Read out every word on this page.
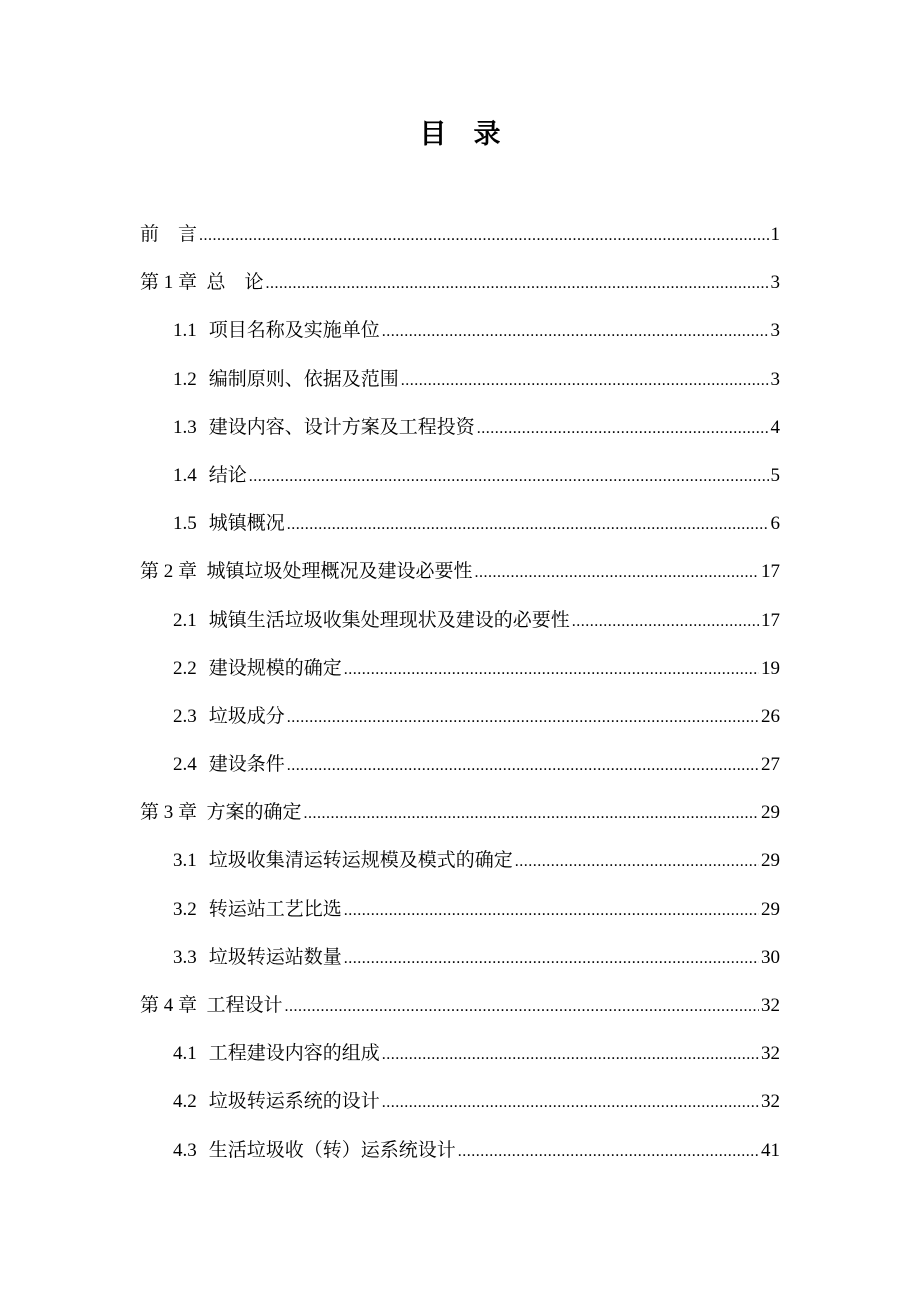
目    录
前    言 .....	1
第 1 章  总    论 .....	3
1.1 项目名称及实施单位 .....	3
1.2 编制原则、依据及范围 .....	3
1.3 建设内容、设计方案及工程投资 .....	4
1.4 结论 .....	5
1.5 城镇概况 .....	6
第 2 章  城镇垃圾处理概况及建设必要性 .....	17
2.1 城镇生活垃圾收集处理现状及建设的必要性 .....	17
2.2 建设规模的确定 .....	19
2.3 垃圾成分 .....	26
2.4 建设条件 .....	27
第 3 章  方案的确定 .....	29
3.1 垃圾收集清运转运规模及模式的确定 .....	29
3.2 转运站工艺比选 .....	29
3.3 垃圾转运站数量 .....	30
第 4 章  工程设计 .....	32
4.1 工程建设内容的组成 .....	32
4.2 垃圾转运系统的设计 .....	32
4.3 生活垃圾收（转）运系统设计 .....	41
